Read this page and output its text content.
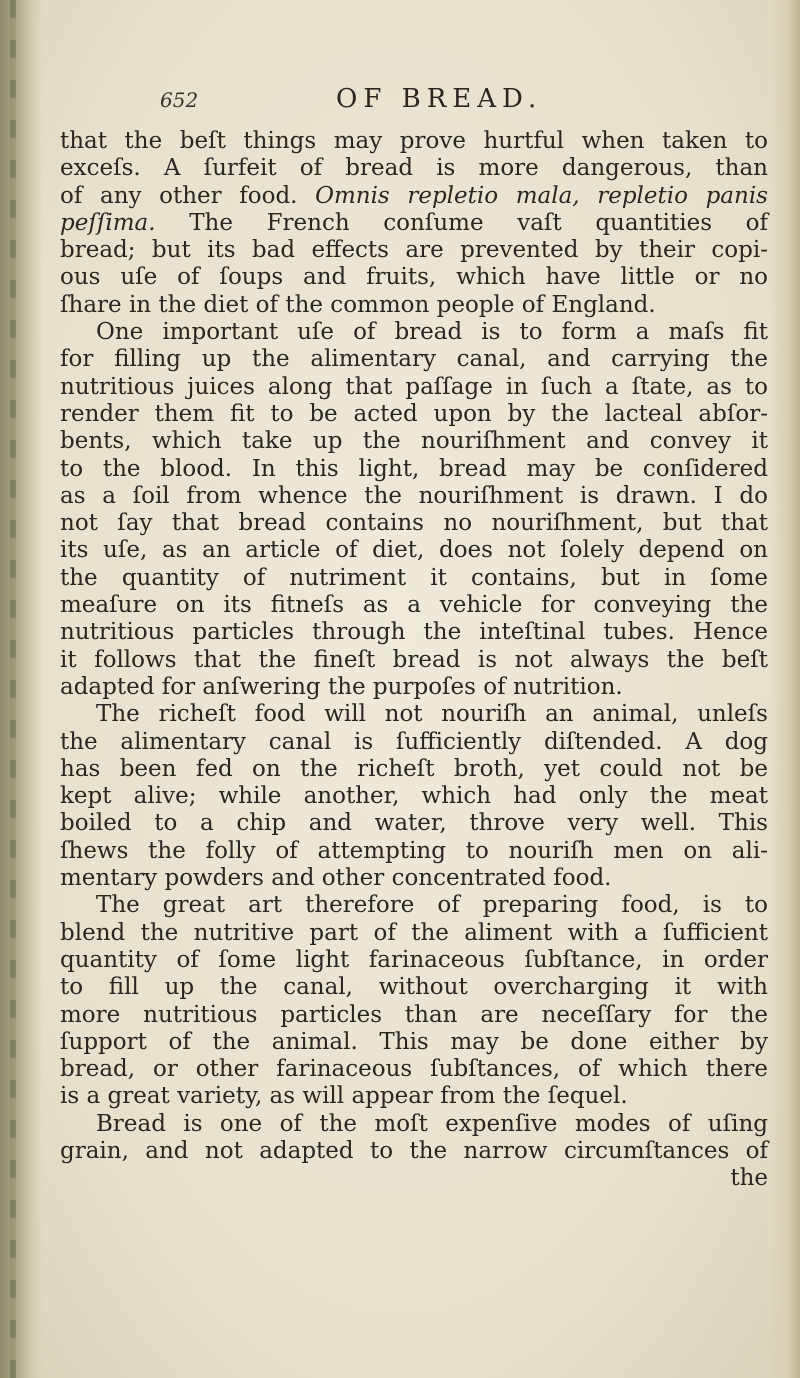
652	OF BREAD.
that the beſt things may prove hurtful when taken to
exceſs. A ſurfeit of bread is more dangerous, than
of any other food. Omnis repletio mala, repletio panis
peſſima. The French conſume vaſt quantities of
bread; but its bad effects are prevented by their copi-
ous uſe of ſoups and fruits, which have little or no
ſhare in the diet of the common people of England.
One important uſe of bread is to form a maſs fit
for filling up the alimentary canal, and carrying the
nutritious juices along that paſſage in ſuch a ſtate, as to
render them fit to be acted upon by the lacteal abſor-
bents, which take up the nouriſhment and convey it
to the blood. In this light, bread may be conſidered
as a ſoil from whence the nouriſhment is drawn. I do
not ſay that bread contains no nouriſhment, but that
its uſe, as an article of diet, does not ſolely depend on
the quantity of nutriment it contains, but in ſome
meaſure on its fitneſs as a vehicle for conveying the
nutritious particles through the inteſtinal tubes. Hence
it follows that the fineſt bread is not always the beſt
adapted for anſwering the purpoſes of nutrition.
The richeſt food will not nouriſh an animal, unleſs
the alimentary canal is ſufficiently diſtended. A dog
has been fed on the richeſt broth, yet could not be
kept alive; while another, which had only the meat
boiled to a chip and water, throve very well. This
ſhews the folly of attempting to nouriſh men on ali-
mentary powders and other concentrated food.
The great art therefore of preparing food, is to
blend the nutritive part of the aliment with a ſufficient
quantity of ſome light farinaceous ſubſtance, in order
to fill up the canal, without overcharging it with
more nutritious particles than are neceſſary for the
ſupport of the animal. This may be done either by
bread, or other farinaceous ſubſtances, of which there
is a great variety, as will appear from the ſequel.
Bread is one of the moſt expenſive modes of uſing
grain, and not adapted to the narrow circumſtances of
the
